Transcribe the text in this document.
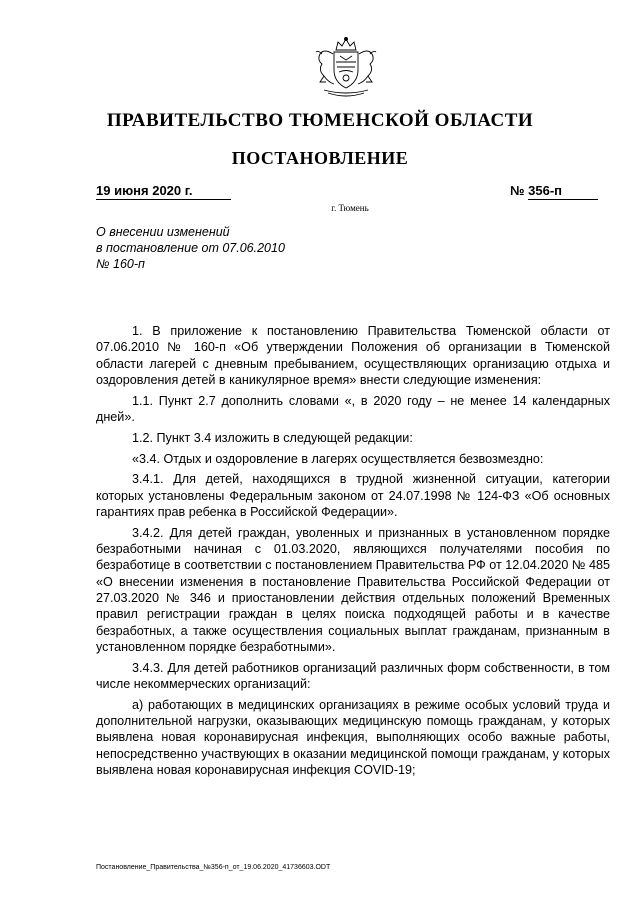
ПРАВИТЕЛЬСТВО ТЮМЕНСКОЙ ОБЛАСТИ
ПОСТАНОВЛЕНИЕ
19 июня 2020 г.	№ 356-п
г. Тюмень
О внесении изменений
в постановление от 07.06.2010
№ 160-п

1. В приложение к постановлению Правительства Тюменской области от 07.06.2010 № 160-п «Об утверждении Положения об организации в Тюменской области лагерей с дневным пребыванием, осуществляющих организацию отдыха и оздоровления детей в каникулярное время» внести следующие изменения:

1.1. Пункт 2.7 дополнить словами «, в 2020 году – не менее 14 календарных дней».

1.2. Пункт 3.4 изложить в следующей редакции:

«3.4. Отдых и оздоровление в лагерях осуществляется безвозмездно:

3.4.1. Для детей, находящихся в трудной жизненной ситуации, категории которых установлены Федеральным законом от 24.07.1998 № 124-ФЗ «Об основных гарантиях прав ребенка в Российской Федерации».

3.4.2. Для детей граждан, уволенных и признанных в установленном порядке безработными начиная с 01.03.2020, являющихся получателями пособия по безработице в соответствии с постановлением Правительства РФ от 12.04.2020 № 485 «О внесении изменения в постановление Правительства Российской Федерации от 27.03.2020 № 346 и приостановлении действия отдельных положений Временных правил регистрации граждан в целях поиска подходящей работы и в качестве безработных, а также осуществления социальных выплат гражданам, признанным в установленном порядке безработными».

3.4.3. Для детей работников организаций различных форм собственности, в том числе некоммерческих организаций:

а) работающих в медицинских организациях в режиме особых условий труда и дополнительной нагрузки, оказывающих медицинскую помощь гражданам, у которых выявлена новая коронавирусная инфекция, выполняющих особо важные работы, непосредственно участвующих в оказании медицинской помощи гражданам, у которых выявлена новая коронавирусная инфекция COVID-19;

Постановление_Правительства_№356-п_от_19.06.2020_41736603.ODT
